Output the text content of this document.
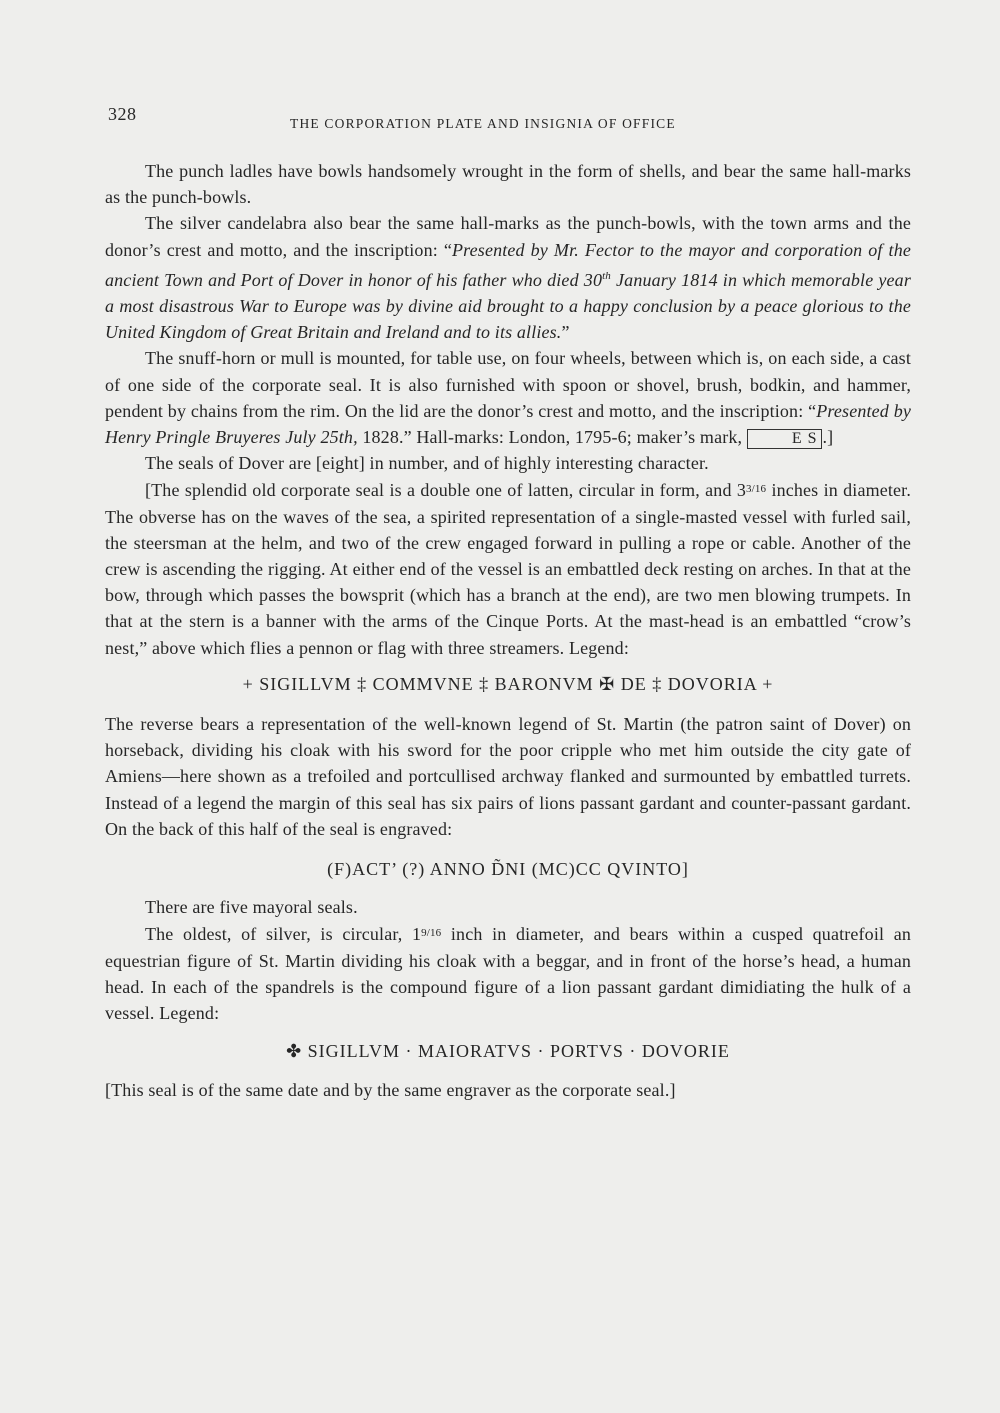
328	THE CORPORATION PLATE AND INSIGNIA OF OFFICE

The punch ladles have bowls handsomely wrought in the form of shells, and bear the same hall-marks as the punch-bowls.

The silver candelabra also bear the same hall-marks as the punch-bowls, with the town arms and the donor’s crest and motto, and the inscription: “Presented by Mr. Fector to the mayor and corporation of the ancient Town and Port of Dover in honor of his father who died 30th January 1814 in which memorable year a most disastrous War to Europe was by divine aid brought to a happy conclusion by a peace glorious to the United Kingdom of Great Britain and Ireland and to its allies.”

The snuff-horn or mull is mounted, for table use, on four wheels, between which is, on each side, a cast of one side of the corporate seal. It is also furnished with spoon or shovel, brush, bodkin, and hammer, pendent by chains from the rim. On the lid are the donor’s crest and motto, and the inscription: “Presented by Henry Pringle Bruyeres July 25th, 1828.” Hall-marks: London, 1795-6; maker’s mark,	E S .]

The seals of Dover are [eight] in number, and of highly interesting character.

[The splendid old corporate seal is a double one of latten, circular in form, and $3^{3/16}$ inches in diameter. The obverse has on the waves of the sea, a spirited representation of a single-masted vessel with furled sail, the steersman at the helm, and two of the crew engaged forward in pulling a rope or cable. Another of the crew is ascending the rigging. At either end of the vessel is an embattled deck resting on arches. In that at the bow, through which passes the bowsprit (which has a branch at the end), are two men blowing trumpets. In that at the stern is a banner with the arms of the Cinque Ports. At the mast-head is an embattled “crow’s nest,” above which flies a pennon or flag with three streamers. Legend:

+ SIGILLVM ‡ COMMVNE ‡ BARONVM ✠ DE ‡ DOVORIA +

The reverse bears a representation of the well-known legend of St. Martin (the patron saint of Dover) on horseback, dividing his cloak with his sword for the poor cripple who met him outside the city gate of Amiens—here shown as a trefoiled and portcullised archway flanked and surmounted by embattled turrets. Instead of a legend the margin of this seal has six pairs of lions passant gardant and counter-passant gardant. On the back of this half of the seal is engraved:

(F)ACT’ (?) ANNO D̃NI (MC)CC QVINTO]

There are five mayoral seals.

The oldest, of silver, is circular, $1^{9/16}$ inch in diameter, and bears within a cusped quatrefoil an equestrian figure of St. Martin dividing his cloak with a beggar, and in front of the horse’s head, a human head. In each of the spandrels is the compound figure of a lion passant gardant dimidiating the hulk of a vessel. Legend:

✤ SIGILLVM · MAIORATVS · PORTVS · DOVORIE

[This seal is of the same date and by the same engraver as the corporate seal.]
